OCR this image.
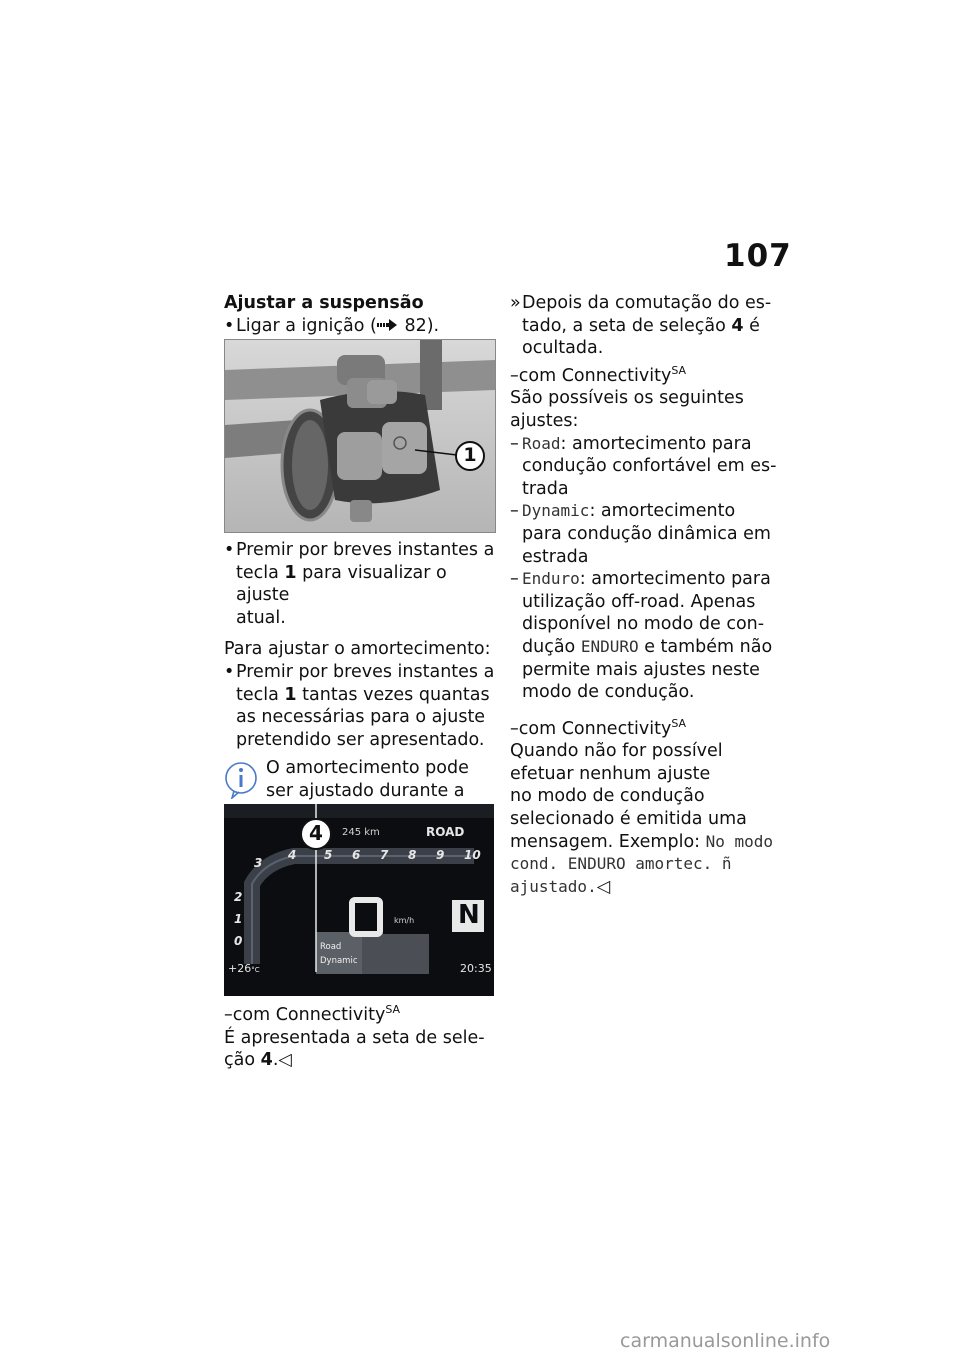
107

Ajustar a suspensão

• Ligar a ignição ( 82).

1

• Premir por breves instantes a
tecla 1 para visualizar o ajuste
atual.

Para ajustar o amortecimento:

• Premir por breves instantes a
tecla 1 tantas vezes quantas
as necessárias para o ajuste
pretendido ser apresentado.

O amortecimento pode

ser ajustado durante a

4 245 km	ROAD
3
4 5 6 7 8 9 10
2
1
0
km/h N
Road
Dynamic
+26°C	20:35

–com Connectivity$^{SA}$

É apresentada a seta de sele-
ção 4.◁

» Depois da comutação do es-
tado, a seta de seleção 4 é
ocultada.

–com Connectivity$^{SA}$

São possíveis os seguintes
ajustes:

– Road: amortecimento para
condução confortável em es-
trada

– Dynamic: amortecimento
para condução dinâmica em
estrada

– Enduro: amortecimento para
utilização off-road. Apenas
disponível no modo de con-
dução ENDURO e também não
permite mais ajustes neste
modo de condução.

–com Connectivity$^{SA}$

Quando não for possível
efetuar nenhum ajuste
no modo de condução
selecionado é emitida uma
mensagem. Exemplo: No modo
cond. ENDURO amortec. ñ
ajustado.◁

carmanualsonline.info
